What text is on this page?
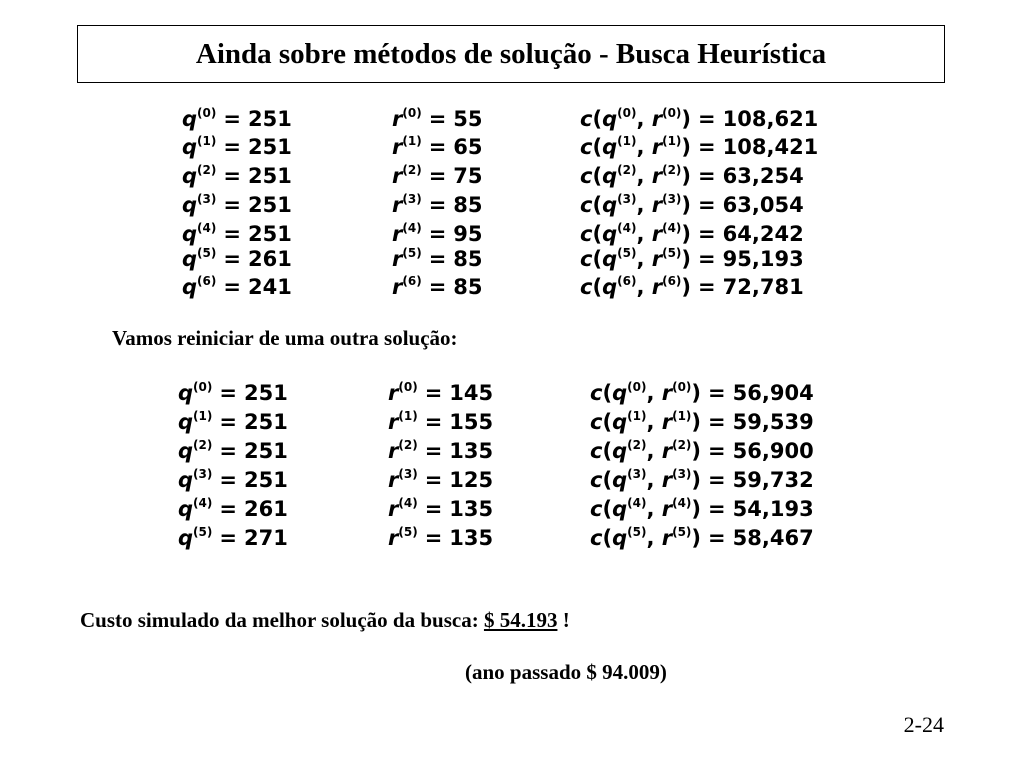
Ainda sobre métodos de solução - Busca Heurística
$q^{(0)} = 251$	$r^{(0)} = 55$	$c(q^{(0)}$, $r^{(0)}) = 108,621$
$q^{(1)} = 251$	$r^{(1)} = 65$	$c(q^{(1)}$, $r^{(1)}) = 108,421$
$q^{(2)} = 251$	$r^{(2)} = 75$	$c(q^{(2)}$, $r^{(2)}) = 63,254$
$q^{(3)} = 251$	$r^{(3)} = 85$	$c(q^{(3)}$, $r^{(3)}) = 63,054$
$q^{(4)} = 251$	$r^{(4)} = 95$	$c(q^{(4)}$, $r^{(4)}) = 64,242$
$q^{(5)} = 261$	$r^{(5)} = 85$	$c(q^{(5)}$, $r^{(5)}) = 95,193$
$q^{(6)} = 241$	$r^{(6)} = 85$	$c(q^{(6)}$, $r^{(6)}) = 72,781$
Vamos reiniciar de uma outra solução:
$q^{(0)} = 251$	$r^{(0)} = 145$	$c(q^{(0)}$, $r^{(0)}) = 56,904$
$q^{(1)} = 251$	$r^{(1)} = 155$	$c(q^{(1)}$, $r^{(1)}) = 59,539$
$q^{(2)} = 251$	$r^{(2)} = 135$	$c(q^{(2)}$, $r^{(2)}) = 56,900$
$q^{(3)} = 251$	$r^{(3)} = 125$	$c(q^{(3)}$, $r^{(3)}) = 59,732$
$q^{(4)} = 261$	$r^{(4)} = 135$	$c(q^{(4)}$, $r^{(4)}) = 54,193$
$q^{(5)} = 271$	$r^{(5)} = 135$	$c(q^{(5)}$, $r^{(5)}) = 58,467$
Custo simulado da melhor solução da busca: $ 54.193 !
(ano passado $ 94.009)
2-24
